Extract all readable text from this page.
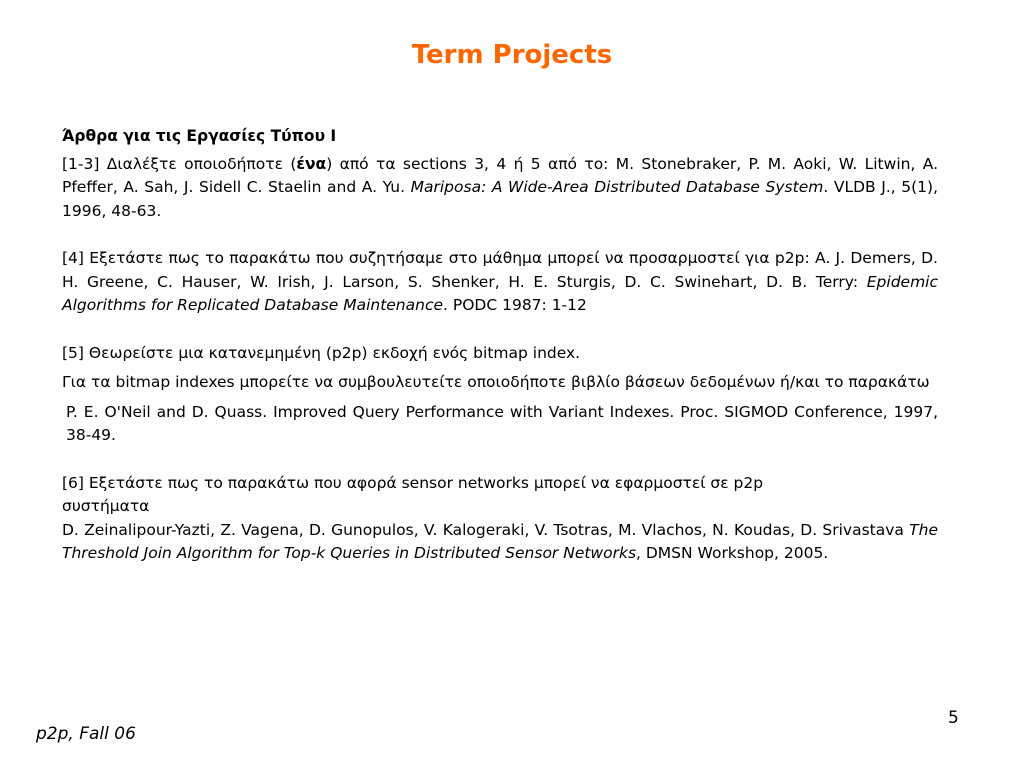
Term Projects

Άρθρα για τις Εργασίες Τύπου Ι

[1-3] Διαλέξτε οποιοδήποτε (ένα) από τα sections 3, 4 ή 5 από το: M. Stonebraker, P. M. Aoki, W. Litwin, A. Pfeffer, A. Sah, J. Sidell C. Staelin and A. Yu. Mariposa: A Wide-Area Distributed Database System. VLDB J., 5(1), 1996, 48-63.

[4] Εξετάστε πως το παρακάτω που συζητήσαμε στο μάθημα μπορεί να προσαρμοστεί για p2p: A. J. Demers, D. H. Greene, C. Hauser, W. Irish, J. Larson, S. Shenker, H. E. Sturgis, D. C. Swinehart, D. B. Terry: Epidemic Algorithms for Replicated Database Maintenance. PODC 1987: 1-12

[5] Θεωρείστε μια κατανεμημένη (p2p) εκδοχή ενός bitmap index.

Για τα bitmap indexes μπορείτε να συμβουλευτείτε οποιοδήποτε βιβλίο βάσεων δεδομένων ή/και το παρακάτω

P. E. O'Neil and D. Quass. Improved Query Performance with Variant Indexes. Proc. SIGMOD Conference, 1997, 38-49.

[6] Εξετάστε πως το παρακάτω που αφορά sensor networks μπορεί να εφαρμοστεί σε p2p

συστήματα

D. Zeinalipour-Yazti, Z. Vagena, D. Gunopulos, V. Kalogeraki, V. Tsotras, M. Vlachos, N. Koudas, D. Srivastava The Threshold Join Algorithm for Top-k Queries in Distributed Sensor Networks, DMSN Workshop, 2005.

5
p2p, Fall 06
